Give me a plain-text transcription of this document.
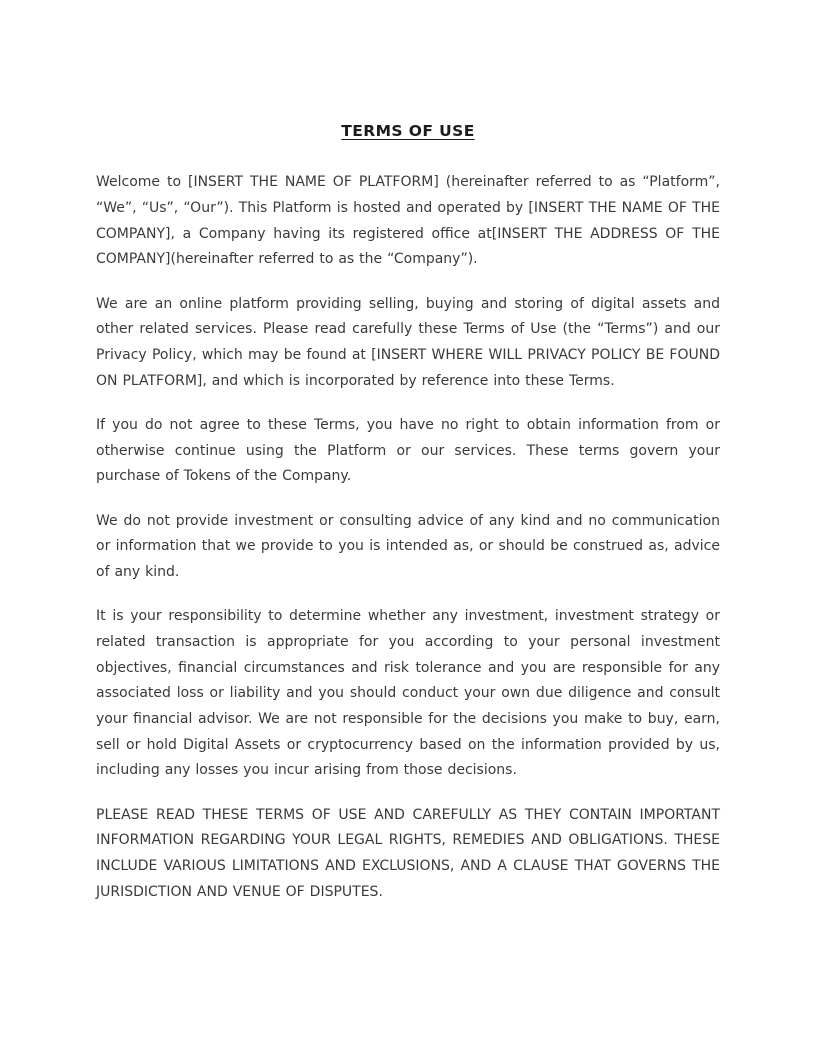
TERMS OF USE

Welcome to [INSERT THE NAME OF PLATFORM] (hereinafter referred to as “Platform”, “We”, “Us”, “Our”). This Platform is hosted and operated by [INSERT THE NAME OF THE COMPANY], a Company having its registered office at[INSERT THE ADDRESS OF THE COMPANY](hereinafter referred to as the “Company”).

We are an online platform providing selling, buying and storing of digital assets and other related services. Please read carefully these Terms of Use (the “Terms”) and our Privacy Policy, which may be found at [INSERT WHERE WILL PRIVACY POLICY BE FOUND ON PLATFORM], and which is incorporated by reference into these Terms.

If you do not agree to these Terms, you have no right to obtain information from or otherwise continue using the Platform or our services. These terms govern your purchase of Tokens of the Company.

We do not provide investment or consulting advice of any kind and no communication or information that we provide to you is intended as, or should be construed as, advice of any kind.

It is your responsibility to determine whether any investment, investment strategy or related transaction is appropriate for you according to your personal investment objectives, financial circumstances and risk tolerance and you are responsible for any associated loss or liability and you should conduct your own due diligence and consult your financial advisor. We are not responsible for the decisions you make to buy, earn, sell or hold Digital Assets or cryptocurrency based on the information provided by us, including any losses you incur arising from those decisions.

PLEASE READ THESE TERMS OF USE AND CAREFULLY AS THEY CONTAIN IMPORTANT INFORMATION REGARDING YOUR LEGAL RIGHTS, REMEDIES AND OBLIGATIONS. THESE INCLUDE VARIOUS LIMITATIONS AND EXCLUSIONS, AND A CLAUSE THAT GOVERNS THE JURISDICTION AND VENUE OF DISPUTES.
